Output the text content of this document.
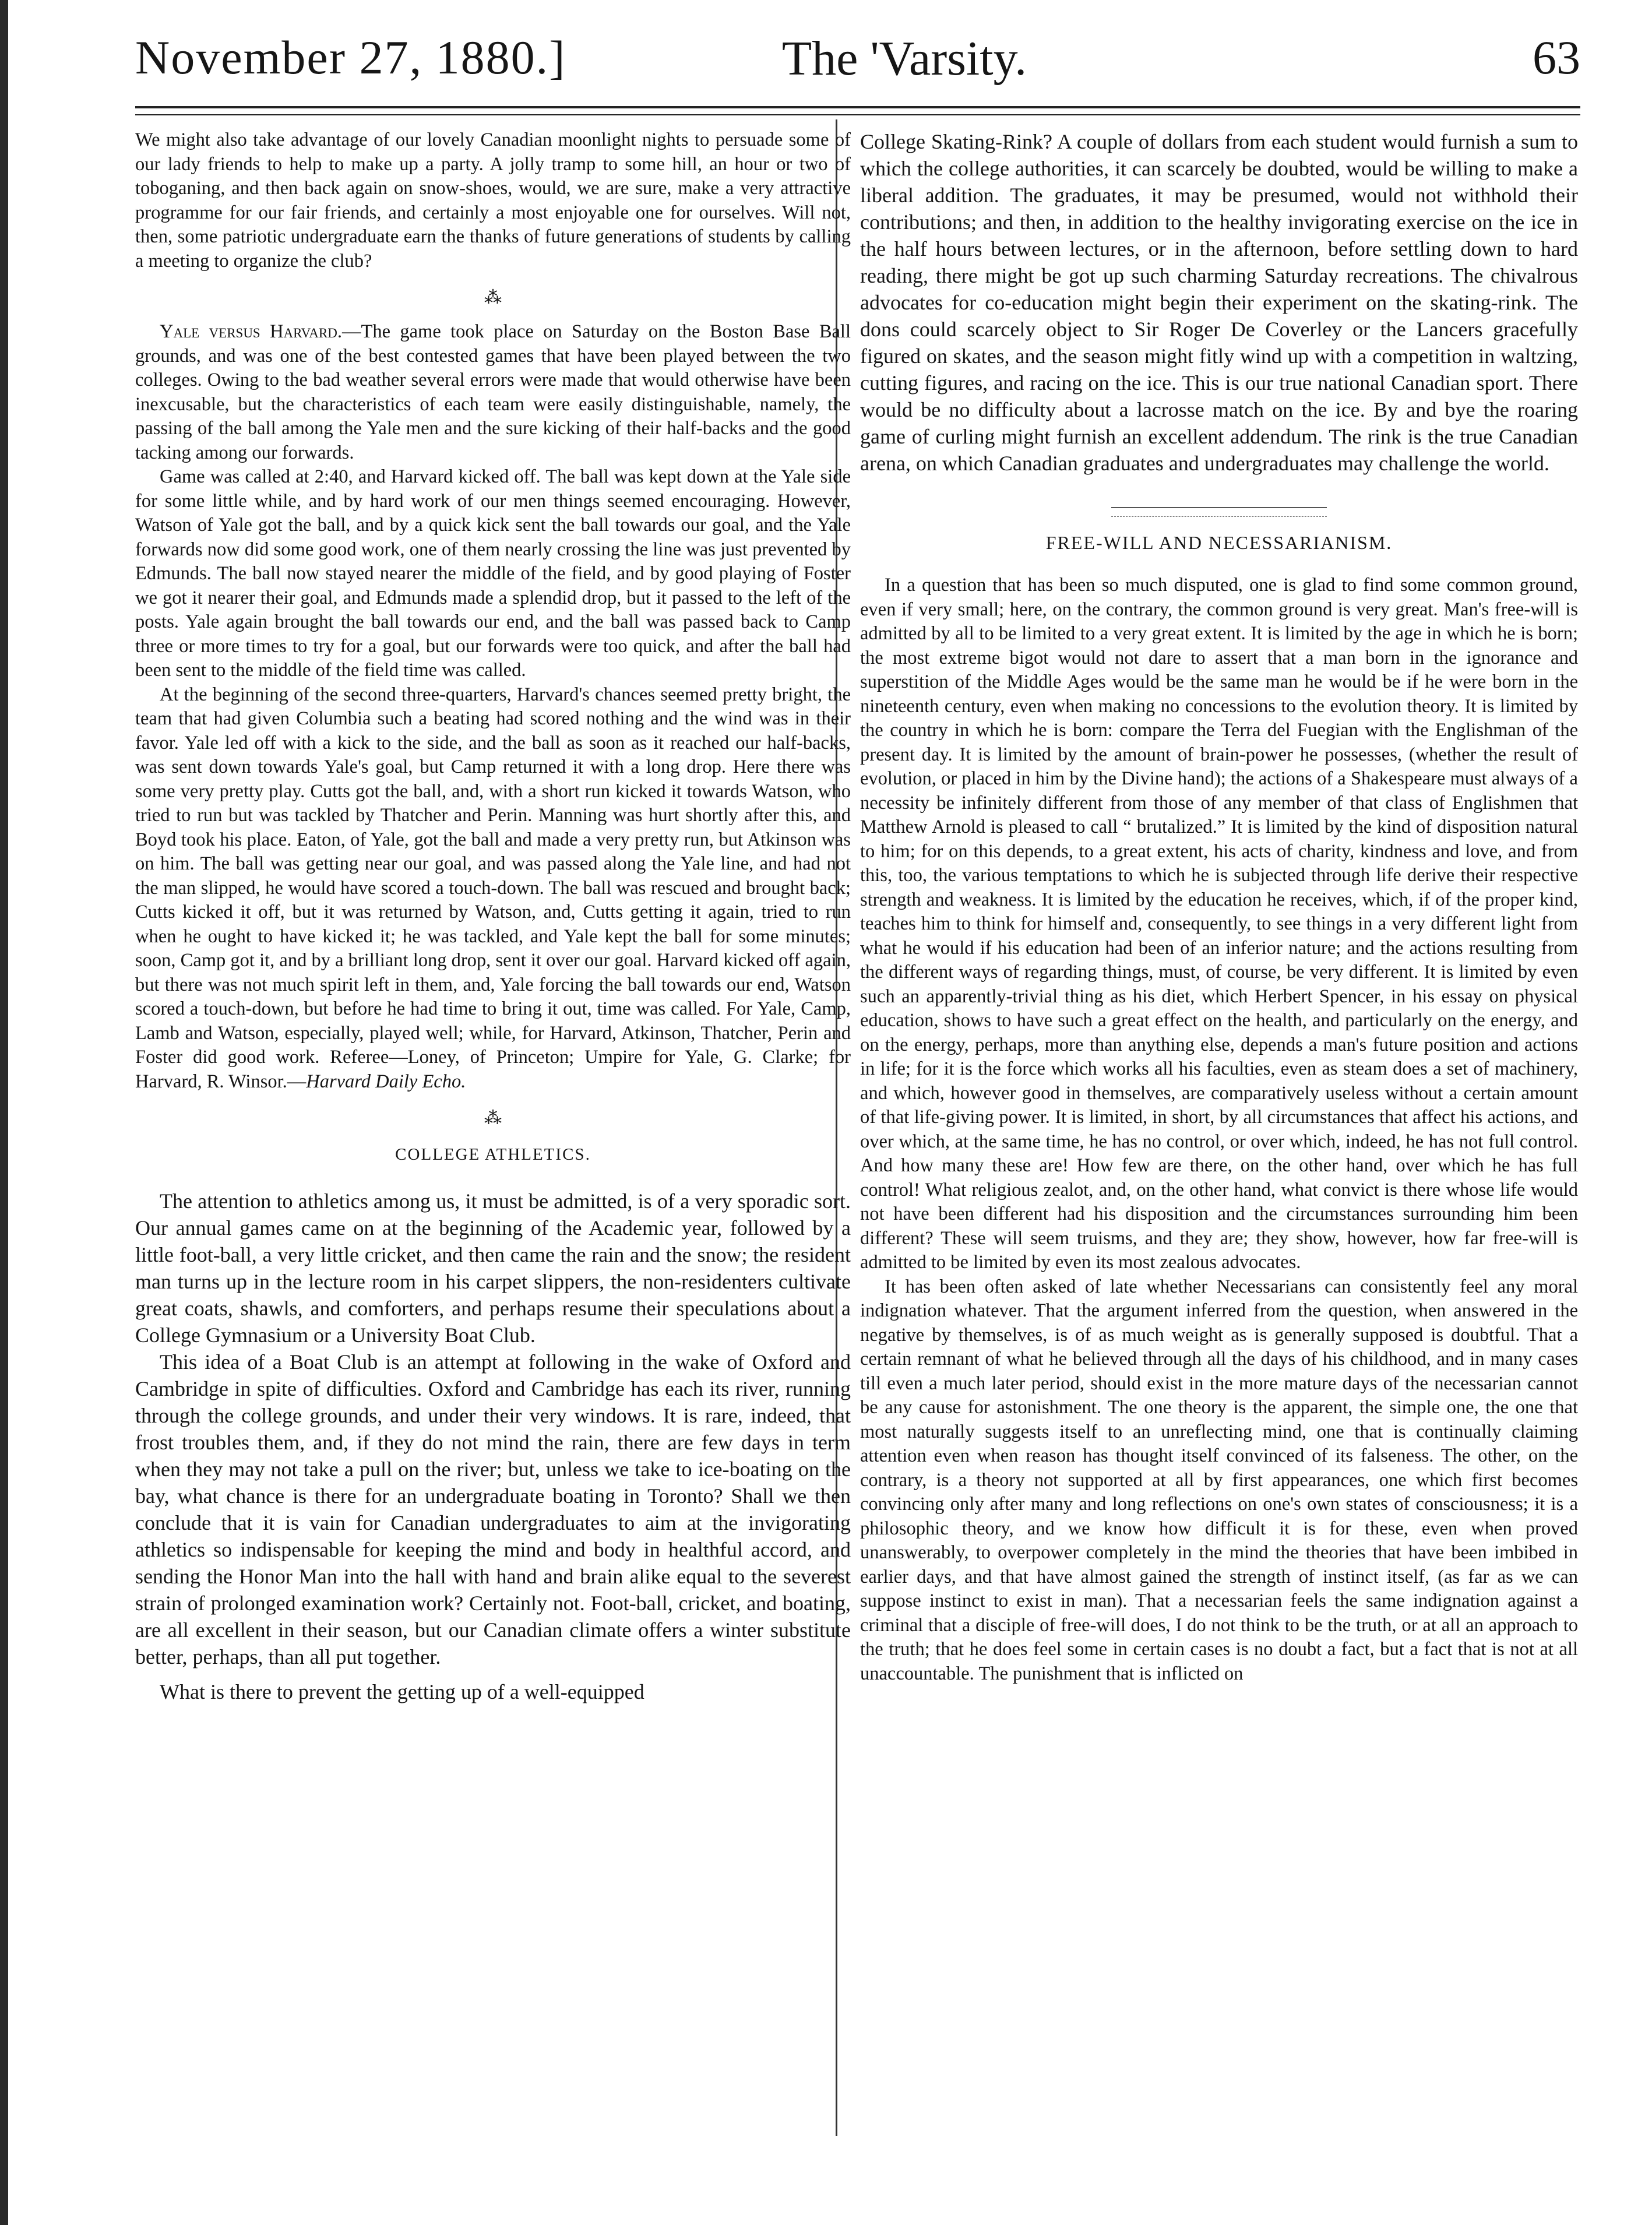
November 27, 1880.]	The 'Varsity.	63

We might also take advantage of our lovely Canadian moonlight nights to persuade some of our lady friends to help to make up a party. A jolly tramp to some hill, an hour or two of toboganing, and then back again on snow-shoes, would, we are sure, make a very attractive programme for our fair friends, and certainly a most enjoyable one for ourselves. Will not, then, some patriotic undergraduate earn the thanks of future generations of students by calling a meeting to organize the club?

⁂

Yale versus Harvard.—The game took place on Saturday on the Boston Base Ball grounds, and was one of the best contested games that have been played between the two colleges. Owing to the bad weather several errors were made that would otherwise have been inexcusable, but the characteristics of each team were easily distinguishable, namely, the passing of the ball among the Yale men and the sure kicking of their half-backs and the good tacking among our forwards.

Game was called at 2:40, and Harvard kicked off. The ball was kept down at the Yale side for some little while, and by hard work of our men things seemed encouraging. However, Watson of Yale got the ball, and by a quick kick sent the ball towards our goal, and the Yale forwards now did some good work, one of them nearly crossing the line was just prevented by Edmunds. The ball now stayed nearer the middle of the field, and by good playing of Foster we got it nearer their goal, and Edmunds made a splendid drop, but it passed to the left of the posts. Yale again brought the ball towards our end, and the ball was passed back to Camp three or more times to try for a goal, but our forwards were too quick, and after the ball had been sent to the middle of the field time was called.

At the beginning of the second three-quarters, Harvard's chances seemed pretty bright, the team that had given Columbia such a beating had scored nothing and the wind was in their favor. Yale led off with a kick to the side, and the ball as soon as it reached our half-backs, was sent down towards Yale's goal, but Camp returned it with a long drop. Here there was some very pretty play. Cutts got the ball, and, with a short run kicked it towards Watson, who tried to run but was tackled by Thatcher and Perin. Manning was hurt shortly after this, and Boyd took his place. Eaton, of Yale, got the ball and made a very pretty run, but Atkinson was on him. The ball was getting near our goal, and was passed along the Yale line, and had not the man slipped, he would have scored a touch-down. The ball was rescued and brought back; Cutts kicked it off, but it was returned by Watson, and, Cutts getting it again, tried to run when he ought to have kicked it; he was tackled, and Yale kept the ball for some minutes; soon, Camp got it, and by a brilliant long drop, sent it over our goal. Harvard kicked off again, but there was not much spirit left in them, and, Yale forcing the ball towards our end, Watson scored a touch-down, but before he had time to bring it out, time was called. For Yale, Camp, Lamb and Watson, especially, played well; while, for Harvard, Atkinson, Thatcher, Perin and Foster did good work. Referee—Loney, of Princeton; Umpire for Yale, G. Clarke; for Harvard, R. Winsor.—Harvard Daily Echo.

⁂
COLLEGE ATHLETICS.

The attention to athletics among us, it must be admitted, is of a very sporadic sort. Our annual games came on at the beginning of the Academic year, followed by a little foot-ball, a very little cricket, and then came the rain and the snow; the resident man turns up in the lecture room in his carpet slippers, the non-residenters cultivate great coats, shawls, and comforters, and perhaps resume their speculations about a College Gymnasium or a University Boat Club.

This idea of a Boat Club is an attempt at following in the wake of Oxford and Cambridge in spite of difficulties. Oxford and Cambridge has each its river, running through the college grounds, and under their very windows. It is rare, indeed, that frost troubles them, and, if they do not mind the rain, there are few days in term when they may not take a pull on the river; but, unless we take to ice-boating on the bay, what chance is there for an undergraduate boating in Toronto? Shall we then conclude that it is vain for Canadian undergraduates to aim at the invigorating athletics so indispensable for keeping the mind and body in healthful accord, and sending the Honor Man into the hall with hand and brain alike equal to the severest strain of prolonged examination work? Certainly not. Foot-ball, cricket, and boating, are all excellent in their season, but our Canadian climate offers a winter substitute better, perhaps, than all put together.

What is there to prevent the getting up of a well-equipped

College Skating-Rink? A couple of dollars from each student would furnish a sum to which the college authorities, it can scarcely be doubted, would be willing to make a liberal addition. The graduates, it may be presumed, would not withhold their contributions; and then, in addition to the healthy invigorating exercise on the ice in the half hours between lectures, or in the afternoon, before settling down to hard reading, there might be got up such charming Saturday recreations. The chivalrous advocates for co-education might begin their experiment on the skating-rink. The dons could scarcely object to Sir Roger De Coverley or the Lancers gracefully figured on skates, and the season might fitly wind up with a competition in waltzing, cutting figures, and racing on the ice. This is our true national Canadian sport. There would be no difficulty about a lacrosse match on the ice. By and bye the roaring game of curling might furnish an excellent addendum. The rink is the true Canadian arena, on which Canadian graduates and undergraduates may challenge the world.

FREE-WILL AND NECESSARIANISM.

In a question that has been so much disputed, one is glad to find some common ground, even if very small; here, on the contrary, the common ground is very great. Man's free-will is admitted by all to be limited to a very great extent. It is limited by the age in which he is born; the most extreme bigot would not dare to assert that a man born in the ignorance and superstition of the Middle Ages would be the same man he would be if he were born in the nineteenth century, even when making no concessions to the evolution theory. It is limited by the country in which he is born: compare the Terra del Fuegian with the Englishman of the present day. It is limited by the amount of brain-power he possesses, (whether the result of evolution, or placed in him by the Divine hand); the actions of a Shakespeare must always of a necessity be infinitely different from those of any member of that class of Englishmen that Matthew Arnold is pleased to call “ brutalized.” It is limited by the kind of disposition natural to him; for on this depends, to a great extent, his acts of charity, kindness and love, and from this, too, the various temptations to which he is subjected through life derive their respective strength and weakness. It is limited by the education he receives, which, if of the proper kind, teaches him to think for himself and, consequently, to see things in a very different light from what he would if his education had been of an inferior nature; and the actions resulting from the different ways of regarding things, must, of course, be very different. It is limited by even such an apparently-trivial thing as his diet, which Herbert Spencer, in his essay on physical education, shows to have such a great effect on the health, and particularly on the energy, and on the energy, perhaps, more than anything else, depends a man's future position and actions in life; for it is the force which works all his faculties, even as steam does a set of machinery, and which, however good in themselves, are comparatively useless without a certain amount of that life-giving power. It is limited, in short, by all circumstances that affect his actions, and over which, at the same time, he has no control, or over which, indeed, he has not full control. And how many these are! How few are there, on the other hand, over which he has full control! What religious zealot, and, on the other hand, what convict is there whose life would not have been different had his disposition and the circumstances surrounding him been different? These will seem truisms, and they are; they show, however, how far free-will is admitted to be limited by even its most zealous advocates.

It has been often asked of late whether Necessarians can consistently feel any moral indignation whatever. That the argument inferred from the question, when answered in the negative by themselves, is of as much weight as is generally supposed is doubtful. That a certain remnant of what he believed through all the days of his childhood, and in many cases till even a much later period, should exist in the more mature days of the necessarian cannot be any cause for astonishment. The one theory is the apparent, the simple one, the one that most naturally suggests itself to an unreflecting mind, one that is continually claiming attention even when reason has thought itself convinced of its falseness. The other, on the contrary, is a theory not supported at all by first appearances, one which first becomes convincing only after many and long reflections on one's own states of consciousness; it is a philosophic theory, and we know how difficult it is for these, even when proved unanswerably, to overpower completely in the mind the theories that have been imbibed in earlier days, and that have almost gained the strength of instinct itself, (as far as we can suppose instinct to exist in man). That a necessarian feels the same indignation against a criminal that a disciple of free-will does, I do not think to be the truth, or at all an approach to the truth; that he does feel some in certain cases is no doubt a fact, but a fact that is not at all unaccountable. The punishment that is inflicted on
